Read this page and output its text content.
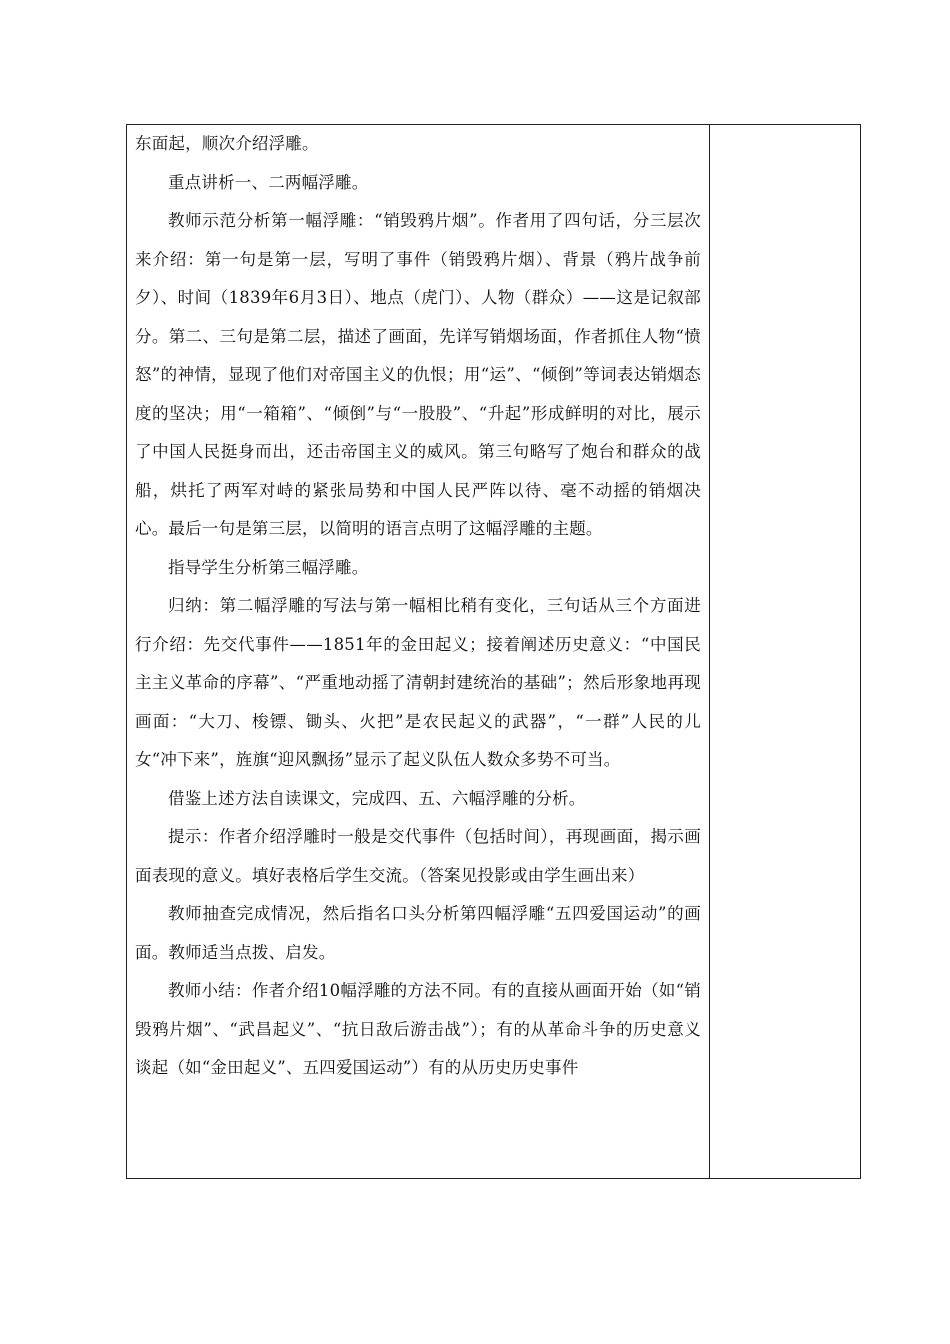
东面起，顺次介绍浮雕。

重点讲析一、二两幅浮雕。

教师示范分析第一幅浮雕：“销毁鸦片烟”。作者用了四句话，分三层次来介绍：第一句是第一层，写明了事件（销毁鸦片烟）、背景（鸦片战争前夕）、时间（1839年6月3日）、地点（虎门）、人物（群众）——这是记叙部分。第二、三句是第二层，描述了画面，先详写销烟场面，作者抓住人物“愤怒”的神情，显现了他们对帝国主义的仇恨；用“运”、“倾倒”等词表达销烟态度的坚决；用“一箱箱”、“倾倒”与“一股股”、“升起”形成鲜明的对比，展示了中国人民挺身而出，还击帝国主义的威风。第三句略写了炮台和群众的战船，烘托了两军对峙的紧张局势和中国人民严阵以待、毫不动摇的销烟决心。最后一句是第三层，以简明的语言点明了这幅浮雕的主题。

指导学生分析第三幅浮雕。

归纳：第二幅浮雕的写法与第一幅相比稍有变化，三句话从三个方面进行介绍：先交代事件——1851年的金田起义；接着阐述历史意义：“中国民主主义革命的序幕”、“严重地动摇了清朝封建统治的基础”；然后形象地再现画面：“大刀、梭镖、锄头、火把”是农民起义的武器”，“一群”人民的儿女“冲下来”，旌旗“迎风飘扬”显示了起义队伍人数众多势不可当。

借鉴上述方法自读课文，完成四、五、六幅浮雕的分析。

提示：作者介绍浮雕时一般是交代事件（包括时间），再现画面，揭示画面表现的意义。填好表格后学生交流。（答案见投影或由学生画出来）

教师抽查完成情况，然后指名口头分析第四幅浮雕“五四爱国运动”的画面。教师适当点拨、启发。

教师小结：作者介绍10幅浮雕的方法不同。有的直接从画面开始（如“销毁鸦片烟”、“武昌起义”、“抗日敌后游击战”）；有的从革命斗争的历史意义谈起（如“金田起义”、五四爱国运动”）有的从历史历史事件
